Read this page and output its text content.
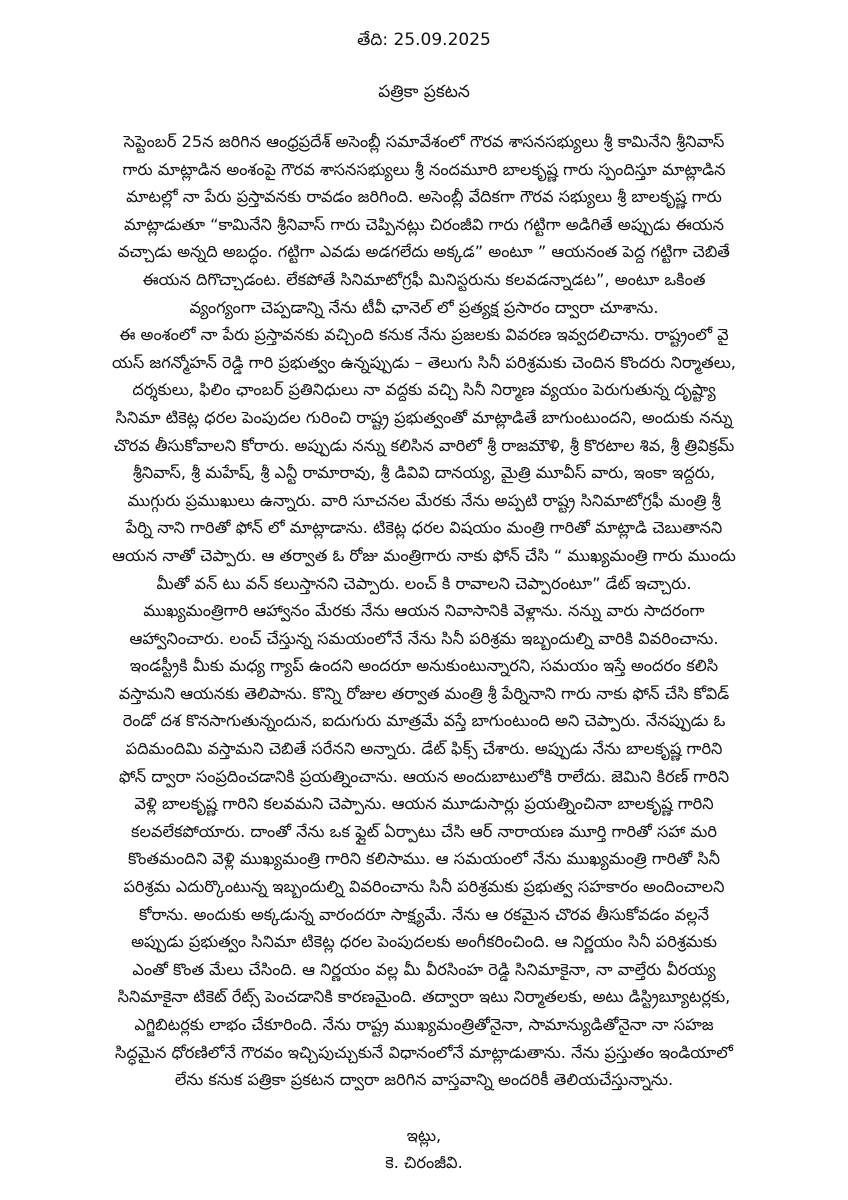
తేది: 25.09.2025
పత్రికా ప్రకటన
సెప్టెంబర్ 25న జరిగిన ఆంధ్రప్రదేశ్ అసెంబ్లీ సమావేశంలో గౌరవ శాసనసభ్యులు శ్రీ కామినేని శ్రీనివాస్
గారు మాట్లాడిన అంశంపై గౌరవ శాసనసభ్యులు శ్రీ నందమూరి బాలకృష్ణ గారు స్పందిస్తూ మాట్లాడిన
మాటల్లో నా పేరు ప్రస్తావనకు రావడం జరిగింది. అసెంబ్లీ వేదికగా గౌరవ సభ్యులు శ్రీ బాలకృష్ణ గారు
మాట్లాడుతూ “కామినేని శ్రీనివాస్ గారు చెప్పినట్లు చిరంజీవి గారు గట్టిగా అడిగితే అప్పుడు ఈయన
వచ్చాడు అన్నది అబద్ధం. గట్టిగా ఎవడు అడగలేదు అక్కడ” అంటూ ” ఆయనంత పెద్ద గట్టిగా చెబితే
ఈయన దిగొచ్చాడంట. లేకపోతే సినిమాటోగ్రఫీ మినిస్టరును కలవడన్నాడట”, అంటూ ఒకింత
వ్యంగ్యంగా చెప్పడాన్ని నేను టీవీ ఛానెల్ లో ప్రత్యక్ష ప్రసారం ద్వారా చూశాను.
ఈ అంశంలో నా పేరు ప్రస్తావనకు వచ్చింది కనుక నేను ప్రజలకు వివరణ ఇవ్వదలిచాను. రాష్ట్రంలో వై
యస్ జగన్మోహన్ రెడ్డి గారి ప్రభుత్వం ఉన్నప్పుడు – తెలుగు సినీ పరిశ్రమకు చెందిన కొందరు నిర్మాతలు,
దర్శకులు, ఫిలిం ఛాంబర్ ప్రతినిధులు నా వద్దకు వచ్చి సినీ నిర్మాణ వ్యయం పెరుగుతున్న దృష్ట్యా
సినిమా టికెట్ల ధరల పెంపుదల గురించి రాష్ట్ర ప్రభుత్వంతో మాట్లాడితే బాగుంటుందని, అందుకు నన్ను
చొరవ తీసుకోవాలని కోరారు. అప్పుడు నన్ను కలిసిన వారిలో శ్రీ రాజమౌళి, శ్రీ కొరటాల శివ, శ్రీ త్రివిక్రమ్
శ్రీనివాస్, శ్రీ మహేష్, శ్రీ ఎన్టీ రామారావు, శ్రీ డివివి దానయ్య, మైత్రి మూవీస్ వారు, ఇంకా ఇద్దరు,
ముగ్గురు ప్రముఖులు ఉన్నారు. వారి సూచనల మేరకు నేను అప్పటి రాష్ట్ర సినిమాటోగ్రఫీ మంత్రి శ్రీ
పేర్ని నాని గారితో ఫోన్ లో మాట్లాడాను. టికెట్ల ధరల విషయం మంత్రి గారితో మాట్లాడి చెబుతానని
ఆయన నాతో చెప్పారు. ఆ తర్వాత ఓ రోజు మంత్రిగారు నాకు ఫోన్ చేసి “ ముఖ్యమంత్రి గారు ముందు
మీతో వన్ టు వన్ కలుస్తానని చెప్పారు. లంచ్ కి రావాలని చెప్పారంటూ” డేట్ ఇచ్చారు.
ముఖ్యమంత్రిగారి ఆహ్వానం మేరకు నేను ఆయన నివాసానికి వెళ్లాను. నన్ను వారు సాదరంగా
ఆహ్వానించారు. లంచ్ చేస్తున్న సమయంలోనే నేను సినీ పరిశ్రమ ఇబ్బందుల్ని వారికి వివరించాను.
ఇండస్ట్రీకి మీకు మధ్య గ్యాప్ ఉందని అందరూ అనుకుంటున్నారని, సమయం ఇస్తే అందరం కలిసి
వస్తామని ఆయనకు తెలిపాను. కొన్ని రోజుల తర్వాత మంత్రి శ్రీ పేర్నినాని గారు నాకు ఫోన్ చేసి కోవిడ్
రెండో దశ కొనసాగుతున్నందున, ఐదుగురు మాత్రమే వస్తే బాగుంటుంది అని చెప్పారు. నేనప్పుడు ఓ
పదిమందిమి వస్తామని చెబితే సరేనని అన్నారు. డేట్ ఫిక్స్ చేశారు. అప్పుడు నేను బాలకృష్ణ గారిని
ఫోన్ ద్వారా సంప్రదించడానికి ప్రయత్నించాను. ఆయన అందుబాటులోకి రాలేదు. జెమిని కిరణ్ గారిని
వెళ్లి బాలకృష్ణ గారిని కలవమని చెప్పాను. ఆయన మూడుసార్లు ప్రయత్నించినా బాలకృష్ణ గారిని
కలవలేకపోయారు. దాంతో నేను ఒక ఫ్లైట్ ఏర్పాటు చేసి ఆర్ నారాయణ మూర్తి గారితో సహా మరి
కొంతమందిని వెళ్లి ముఖ్యమంత్రి గారిని కలిసాము. ఆ సమయంలో నేను ముఖ్యమంత్రి గారితో సినీ
పరిశ్రమ ఎదుర్కొంటున్న ఇబ్బందుల్ని వివరించాను సినీ పరిశ్రమకు ప్రభుత్వ సహకారం అందించాలని
కోరాను. అందుకు అక్కడున్న వారందరూ సాక్ష్యమే. నేను ఆ రకమైన చొరవ తీసుకోవడం వల్లనే
అప్పుడు ప్రభుత్వం సినిమా టికెట్ల ధరల పెంపుదలకు అంగీకరించింది. ఆ నిర్ణయం సినీ పరిశ్రమకు
ఎంతో కొంత మేలు చేసింది. ఆ నిర్ణయం వల్ల మీ వీరసింహ రెడ్డి సినిమాకైనా, నా వాల్తేరు వీరయ్య
సినిమాకైనా టికెట్ రేట్స్ పెంచడానికి కారణమైంది. తద్వారా ఇటు నిర్మాతలకు, అటు డిస్ట్రిబ్యూటర్లకు,
ఎగ్జిబిటర్లకు లాభం చేకూరింది. నేను రాష్ట్ర ముఖ్యమంత్రితోనైనా, సామాన్యుడితోనైనా నా సహజ
సిద్ధమైన ధోరణిలోనే గౌరవం ఇచ్చిపుచ్చుకునే విధానంలోనే మాట్లాడుతాను. నేను ప్రస్తుతం ఇండియాలో
లేను కనుక పత్రికా ప్రకటన ద్వారా జరిగిన వాస్తవాన్ని అందరికీ తెలియచేస్తున్నాను.
ఇట్లు,
కె. చిరంజీవి.
